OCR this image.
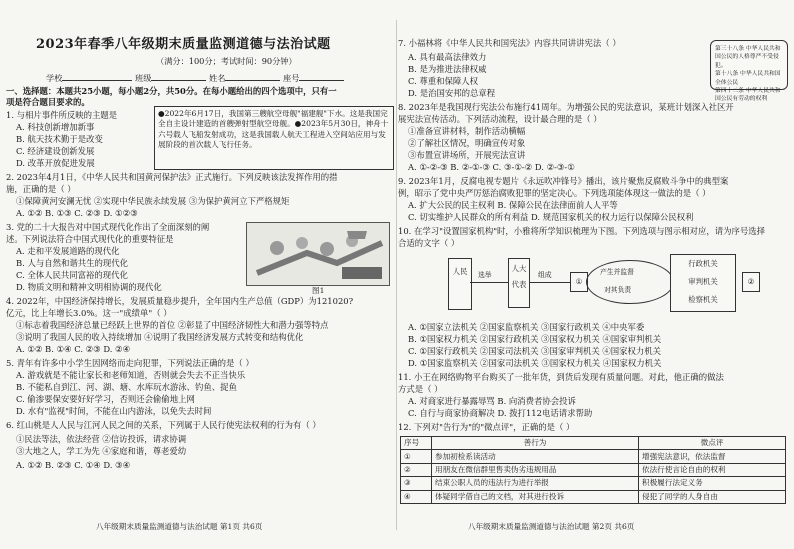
2023年春季八年级期末质量监测道德与法治试题
（满分：100分；考试时间：90分钟）
学校	班级	姓名	座号
一、选择题：本题共25小题，每小题2分，共50分。在每小题给出的四个选项中，只有一
项是符合题目要求的。
1. 与相片事件所反映的主题是
A. 科技创新增加新事
B. 航天技术勤于是改变
C. 经济建设创新发展
D. 改革开放促进发展
●2022年6月17日，我国第三艘航空母舰"福建舰"下水。这是我国完全自主设计建造的首艘弹射型航空母舰。●2023年5月30日，神舟十六号载人飞船发射成功，这是我国载人航天工程进入空间站应用与发展阶段的首次载人飞行任务。
2. 2023年4月1日，《中华人民共和国黄河保护法》正式施行。下列反映该法发挥作用的措
施，正确的是（ ）
①保障黄河安澜无忧 ②实现中华民族永续发展 ③为保护黄河立下严格规矩
A. ①② B. ①③ C. ②③ D. ①②③
3. 党的二十大报告对中国式现代化作出了全面深刻的阐
述。下列说法符合中国式现代化的重要特征是
A. 走和平发展道路的现代化
B. 人与自然和谐共生的现代化
C. 全体人民共同富裕的现代化
D. 物质文明和精神文明相协调的现代化	图1
4. 2022年，中国经济保持增长，发展质量稳步提升，全年国内生产总值（GDP）为121020?
亿元，比上年增长3.0%。这一"成绩单"（ ）
①标志着我国经济总量已经跃上世界的首位 ②彰显了中国经济韧性大和潜力强等特点
③说明了我国人民的收入持续增加 ④说明了我国经济发展方式转变和结构优化
A. ①② B. ①④ C. ②③ D. ②④
5. 青年有许多中小学生因网络而走向犯罪，下列说法正确的是（ ）
A. 游戏就是不能让家长和老师知道，否则就会失去不正当快乐
B. 不能私自到江、河、湖、塘、水库玩水游泳、钓鱼、捉鱼
C. 偷渗要保安要好好学习，否则还会偷偷地上网
D. 水有"监视"时间，不能在山内游泳，以免失去时间
6. 红山桃是人人民与江河人民之间的关系，下列属于人民行使宪法权利的行为有（ ）
①民法等法，依法经营 ②信访投诉，请求协调
③大地之人，学工为先 ④家庭和谐，尊老爱幼
A. ①② B. ②③ C. ①④ D. ③④
八年级期末质量监测道德与法治试题 第1页 共6页
7. 小福林将《中华人民共和国宪法》内容共同讲讲宪法（ ）
A. 具有最高法律效力
B. 是为推进法律权威
C. 尊重和保障人权
D. 是治国安邦的总章程
第三十八条 中华人民共和国公民的人格尊严不受侵犯。
第十八条 中华人民共和国全体公民
第四十二条 中华人民共和国公民有劳动的权利
8. 2023年是我国现行宪法公布施行41周年。为增强公民的宪法意识，某班计划深入社区开
展宪法宣传活动。下列活动流程，设计最合理的是（ ）
①准备宣讲材料，制作活动横幅
②了解社区情况，明确宣传对象
③布置宣讲场所，开展宪法宣讲
A. ①-②-③ B. ②-①-③ C. ③-①-② D. ②-③-①
9. 2023年1月，反腐电视专题片《永远吹冲锋号》播出，该片聚焦反腐败斗争中的典型案
例，昭示了党中央严厉惩治腐败犯罪的坚定决心。下列选项能体现这一做法的是（ ）
A. 扩大公民的民主权利 B. 保障公民在法律面前人人平等
C. 切实维护人民群众的所有利益 D. 规范国家机关的权力运行以保障公民权利
10. 在学习"设置国家机构"时，小雅将所学知识梳理为下图。下列选项与图示相对应，请为序号选择
合适的文字（ ）
人民	选举
人大代表
组成
①
产生并监督
对其负责
行政机关
审判机关
检察机关
②
A. ①国家立法机关 ②国家监察机关 ③国家行政机关 ④中央军委
B. ①国家权力机关 ②国家行政机关 ③国家权力机关 ④国家审判机关
C. ①国家行政机关 ②国家司法机关 ③国家审判机关 ④国家权力机关
D. ①国家监察机关 ②国家司法机关 ③国家权力机关 ④国家权力机关
11. 小王在网络购物平台购买了一批年货，到货后发现有质量问题。对此，他正确的做法
方式是（ ）
A. 对商家进行暴露辱骂 B. 向消费者协会投诉
C. 自行与商家协商解决 D. 拨打112电话请求帮助
12. 下列对"告行为"的"微点评"，正确的是（ ）
序号	善行为	微点评
①	参加初检系读活动	增强宪法意识，依法监督
②	用朋友在微信群里售卖伪劣违规用品	依法行使言论自由的权利
③	结束公职人员的违法行为进行举报	积极履行法定义务
④	体疑同学借自己的文档，对其进行投诉	侵犯了同学的人身自由
八年级期末质量监测道德与法治试题 第2页 共6页
